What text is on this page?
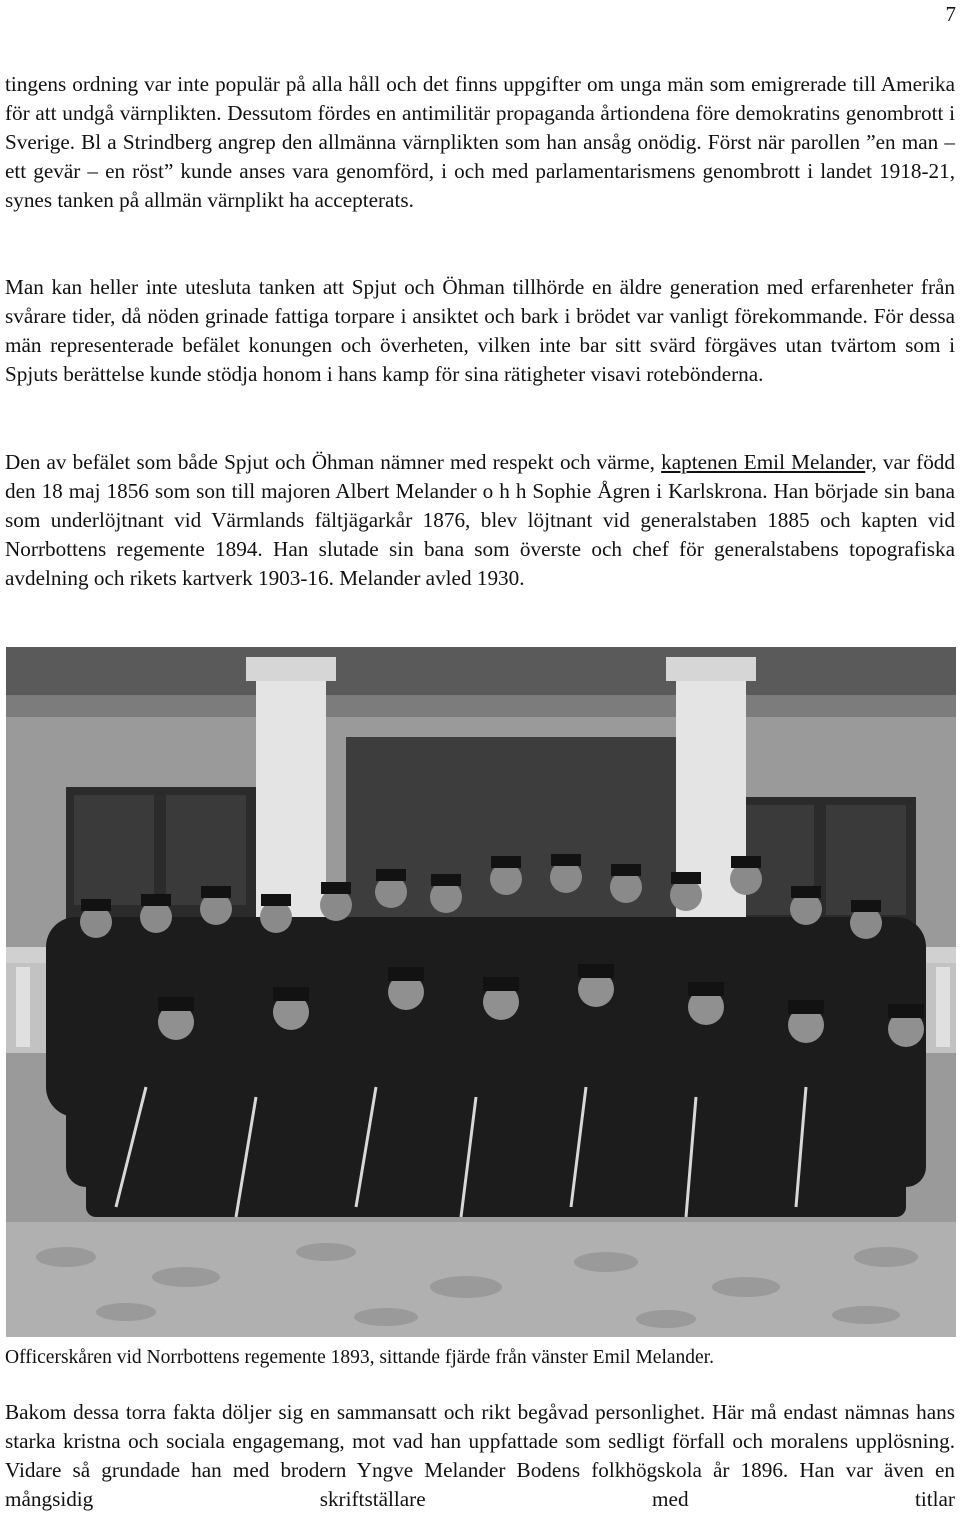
7

tingens ordning var inte populär på alla håll och det finns uppgifter om unga män som emigrerade till Amerika för att undgå värnplikten. Dessutom fördes en antimilitär propaganda årtiondena före demokratins genombrott i Sverige. Bl a Strindberg angrep den allmänna värnplikten som han ansåg onödig. Först när parollen ”en man – ett gevär – en röst” kunde anses vara genomförd, i och med parlamentarismens genombrott i landet 1918-21, synes tanken på allmän värnplikt ha accepterats.

Man kan heller inte utesluta tanken att Spjut och Öhman tillhörde en äldre generation med erfarenheter från svårare tider, då nöden grinade fattiga torpare i ansiktet och bark i brödet var vanligt förekommande. För dessa män representerade befälet konungen och överheten, vilken inte bar sitt svärd förgäves utan tvärtom som i Spjuts berättelse kunde stödja honom i hans kamp för sina rätigheter visavi rotebönderna.

Den av befälet som både Spjut och Öhman nämner med respekt och värme, kaptenen Emil Melander, var född den 18 maj 1856 som son till majoren Albert Melander o h h Sophie Ågren i Karlskrona. Han började sin bana som underlöjtnant vid Värmlands fältjägarkår 1876, blev löjtnant vid generalstaben 1885 och kapten vid Norrbottens regemente 1894. Han slutade sin bana som överste och chef för generalstabens topografiska avdelning och rikets kartverk 1903-16. Melander avled 1930.

Officerskåren vid Norrbottens regemente 1893, sittande fjärde från vänster Emil Melander.

Bakom dessa torra fakta döljer sig en sammansatt och rikt begåvad personlighet. Här må endast nämnas hans starka kristna och sociala engagemang, mot vad han uppfattade som sedligt förfall och moralens upplösning. Vidare så grundade han med brodern Yngve Melander Bodens folkhögskola år 1896. Han var även en mångsidig skriftställare med titlar
